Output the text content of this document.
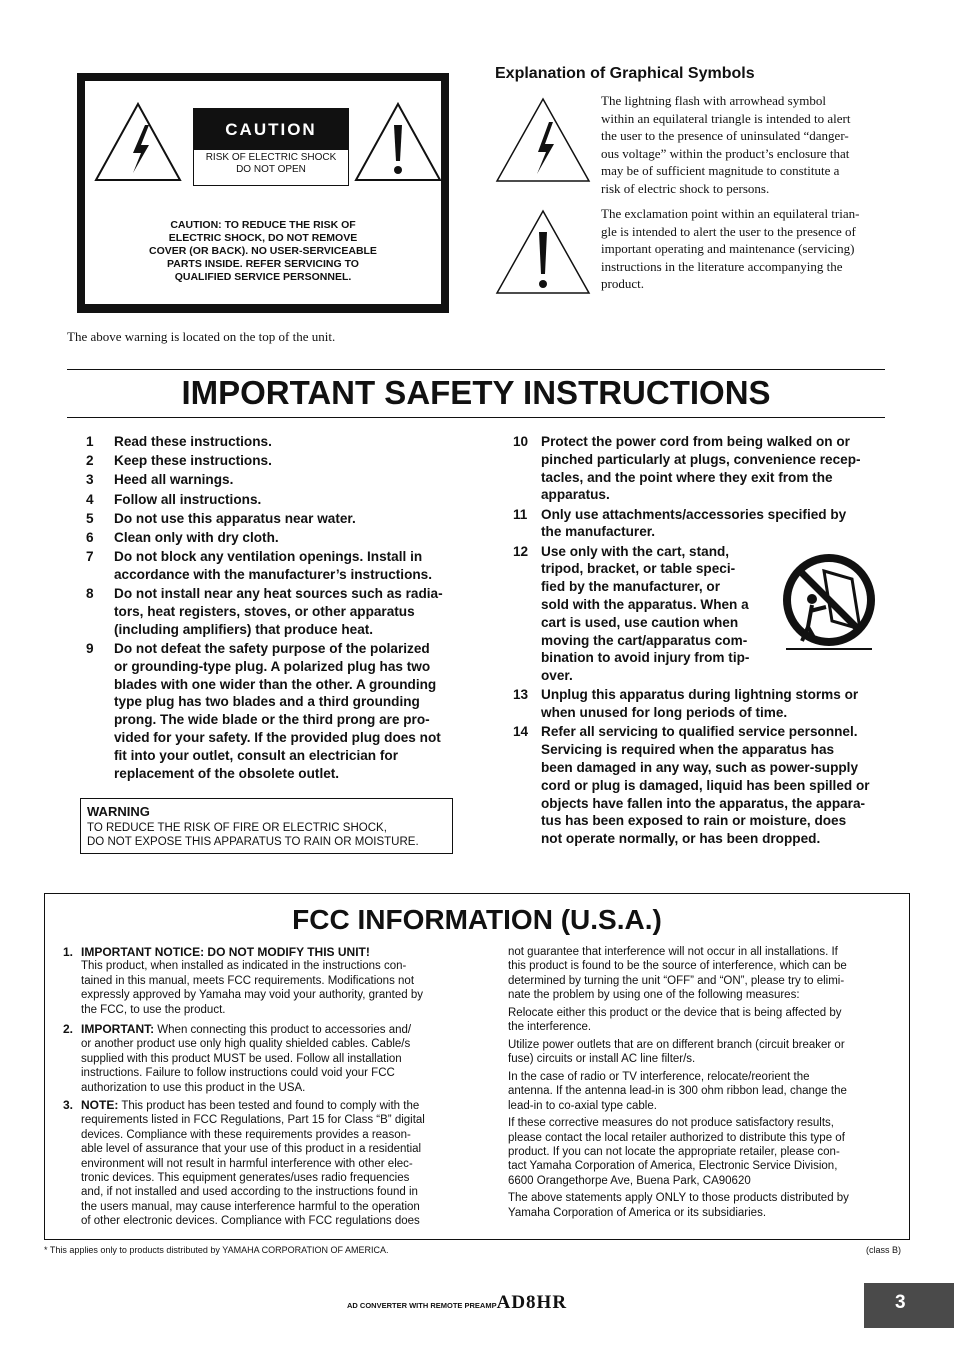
CAUTION
RISK OF ELECTRIC SHOCK
DO NOT OPEN
CAUTION: TO REDUCE THE RISK OF
ELECTRIC SHOCK, DO NOT REMOVE
COVER (OR BACK). NO USER-SERVICEABLE
PARTS INSIDE. REFER SERVICING TO
QUALIFIED SERVICE PERSONNEL.
The above warning is located on the top of the unit.
Explanation of Graphical Symbols
The lightning flash with arrowhead symbol
within an equilateral triangle is intended to alert
the user to the presence of uninsulated “danger-
ous voltage” within the product’s enclosure that
may be of sufficient magnitude to constitute a
risk of electric shock to persons.
The exclamation point within an equilateral trian-
gle is intended to alert the user to the presence of
important operating and maintenance (servicing)
instructions in the literature accompanying the
product.
IMPORTANT SAFETY INSTRUCTIONS
1	Read these instructions.
2	Keep these instructions.
3	Heed all warnings.
4	Follow all instructions.
5	Do not use this apparatus near water.
6	Clean only with dry cloth.
7	Do not block any ventilation openings. Install in
accordance with the manufacturer’s instructions.
8	Do not install near any heat sources such as radia-
tors, heat registers, stoves, or other apparatus
(including amplifiers) that produce heat.
9	Do not defeat the safety purpose of the polarized
or grounding-type plug. A polarized plug has two
blades with one wider than the other. A grounding
type plug has two blades and a third grounding
prong. The wide blade or the third prong are pro-
vided for your safety. If the provided plug does not
fit into your outlet, consult an electrician for
replacement of the obsolete outlet.
10 Protect the power cord from being walked on or
pinched particularly at plugs, convenience recep-
tacles, and the point where they exit from the
apparatus.
11	Only use attachments/accessories specified by
the manufacturer.
12 Use only with the cart, stand,
tripod, bracket, or table speci-
fied by the manufacturer, or
sold with the apparatus. When a
cart is used, use caution when
moving the cart/apparatus com-
bination to avoid injury from tip-
over.
13 Unplug this apparatus during lightning storms or
when unused for long periods of time.
14 Refer all servicing to qualified service personnel.
Servicing is required when the apparatus has
been damaged in any way, such as power-supply
cord or plug is damaged, liquid has been spilled or
objects have fallen into the apparatus, the appara-
tus has been exposed to rain or moisture, does
not operate normally, or has been dropped.
WARNING
TO REDUCE THE RISK OF FIRE OR ELECTRIC SHOCK,
DO NOT EXPOSE THIS APPARATUS TO RAIN OR MOISTURE.
FCC INFORMATION (U.S.A.)
1. IMPORTANT NOTICE: DO NOT MODIFY THIS UNIT!
This product, when installed as indicated in the instructions con-
tained in this manual, meets FCC requirements. Modifications not
expressly approved by Yamaha may void your authority, granted by
the FCC, to use the product.
2. IMPORTANT: When connecting this product to accessories and/
or another product use only high quality shielded cables. Cable/s
supplied with this product MUST be used. Follow all installation
instructions. Failure to follow instructions could void your FCC
authorization to use this product in the USA.
3. NOTE: This product has been tested and found to comply with the
requirements listed in FCC Regulations, Part 15 for Class “B” digital
devices. Compliance with these requirements provides a reason-
able level of assurance that your use of this product in a residential
environment will not result in harmful interference with other elec-
tronic devices. This equipment generates/uses radio frequencies
and, if not installed and used according to the instructions found in
the users manual, may cause interference harmful to the operation
of other electronic devices. Compliance with FCC regulations does
not guarantee that interference will not occur in all installations. If
this product is found to be the source of interference, which can be
determined by turning the unit “OFF” and “ON”, please try to elimi-
nate the problem by using one of the following measures:
Relocate either this product or the device that is being affected by
the interference.
Utilize power outlets that are on different branch (circuit breaker or
fuse) circuits or install AC line filter/s.
In the case of radio or TV interference, relocate/reorient the
antenna. If the antenna lead-in is 300 ohm ribbon lead, change the
lead-in to co-axial type cable.
If these corrective measures do not produce satisfactory results,
please contact the local retailer authorized to distribute this type of
product. If you can not locate the appropriate retailer, please con-
tact Yamaha Corporation of America, Electronic Service Division,
6600 Orangethorpe Ave, Buena Park, CA90620
The above statements apply ONLY to those products distributed by
Yamaha Corporation of America or its subsidiaries.
* This applies only to products distributed by YAMAHA CORPORATION OF AMERICA.	(class B)
AD CONVERTER WITH REMOTE PREAMPAD8HR	3
